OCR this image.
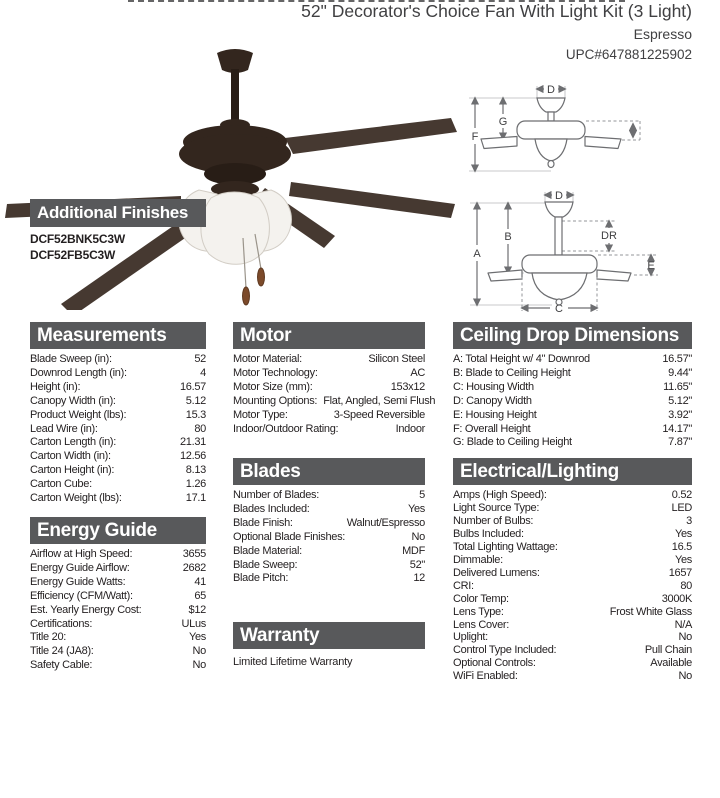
52" Decorator's Choice Fan With Light Kit (3 Light)
Espresso
UPC#647881225902
D
F
G
D
A
B	DR
E
C
Additional Finishes
DCF52BNK5C3W
DCF52FB5C3W
Measurements
Blade Sweep (in):	52
Downrod Length (in):	4
Height (in):	16.57
Canopy Width (in):	5.12
Product Weight (lbs):	15.3
Lead Wire (in):	80
Carton Length (in):	21.31
Carton Width (in):	12.56
Carton Height (in):	8.13
Carton Cube:	1.26
Carton Weight (lbs):	17.1
Energy Guide
Airflow at High Speed:	3655
Energy Guide Airflow:	2682
Energy Guide Watts:	41
Efficiency (CFM/Watt):	65
Est. Yearly Energy Cost:	$12
Certifications:	ULus
Title 20:	Yes
Title 24 (JA8):	No
Safety Cable:	No
Motor
Motor Material:	Silicon Steel
Motor Technology:	AC
Motor Size (mm):	153x12
Mounting Options: Flat, Angled, Semi Flush
Motor Type:	3-Speed Reversible
Indoor/Outdoor Rating:	Indoor
Blades
Number of Blades:	5
Blades Included:	Yes
Blade Finish:	Walnut/Espresso
Optional Blade Finishes:	No
Blade Material:	MDF
Blade Sweep:	52"
Blade Pitch:	12
Warranty
Limited Lifetime Warranty
Ceiling Drop Dimensions
A: Total Height w/ 4" Downrod	16.57"
B: Blade to Ceiling Height	9.44"
C: Housing Width	11.65"
D: Canopy Width	5.12"
E: Housing Height	3.92"
F: Overall Height	14.17"
G: Blade to Ceiling Height	7.87"
Electrical/Lighting
Amps (High Speed):	0.52
Light Source Type:	LED
Number of Bulbs:	3
Bulbs Included:	Yes
Total Lighting Wattage:	16.5
Dimmable:	Yes
Delivered Lumens:	1657
CRI:	80
Color Temp:	3000K
Lens Type:	Frost White Glass
Lens Cover:	N/A
Uplight:	No
Control Type Included:	Pull Chain
Optional Controls:	Available
WiFi Enabled:	No
